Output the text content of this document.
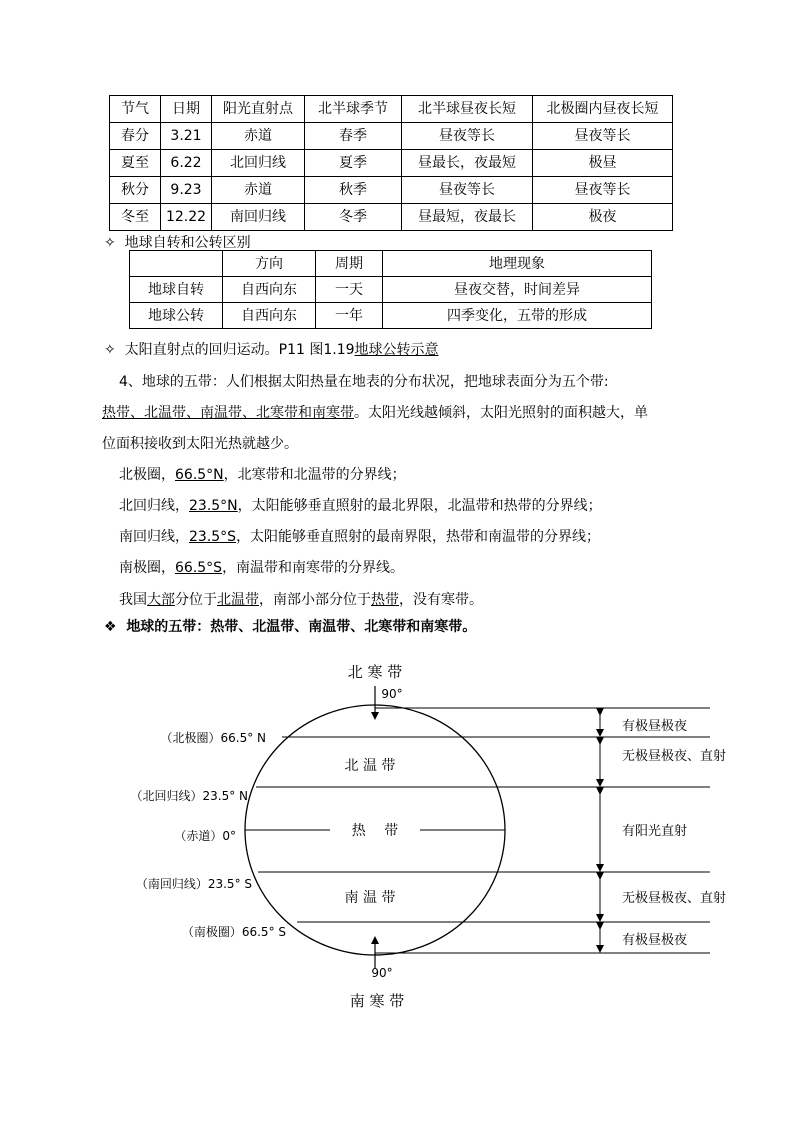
节气	日期	阳光直射点	北半球季节	北半球昼夜长短	北极圈内昼夜长短
春分	3.21	赤道	春季	昼夜等长	昼夜等长
夏至	6.22	北回归线	夏季	昼最长，夜最短	极昼
秋分	9.23	赤道	秋季	昼夜等长	昼夜等长
冬至	12.22	南回归线	冬季	昼最短，夜最长	极夜
✧ 地球自转和公转区别
	方向	周期	地理现象
地球自转	自西向东	一天	昼夜交替，时间差异
地球公转	自西向东	一年	四季变化，五带的形成
✧ 太阳直射点的回归运动。P11 图1.19地球公转示意
4、地球的五带：人们根据太阳热量在地表的分布状况，把地球表面分为五个带:
热带、北温带、南温带、北寒带和南寒带。太阳光线越倾斜，太阳光照射的面积越大，单
位面积接收到太阳光热就越少。
北极圈，66.5°N，北寒带和北温带的分界线；
北回归线，23.5°N，太阳能够垂直照射的最北界限，北温带和热带的分界线；
南回归线，23.5°S，太阳能够垂直照射的最南界限，热带和南温带的分界线；
南极圈，66.5°S，南温带和南寒带的分界线。
我国大部分位于北温带，南部小部分位于热带，没有寒带。
❖ 地球的五带：热带、北温带、南温带、北寒带和南寒带。
北 寒 带
90°
北 温 带
热　 带
南 温 带
（北极圈）66.5° N
（北回归线）23.5° N
（赤道）0°
（南回归线）23.5° S
（南极圈）66.5° S
90°
南 寒 带
有极昼极夜
无极昼极夜、直射
有阳光直射
无极昼极夜、直射
有极昼极夜
